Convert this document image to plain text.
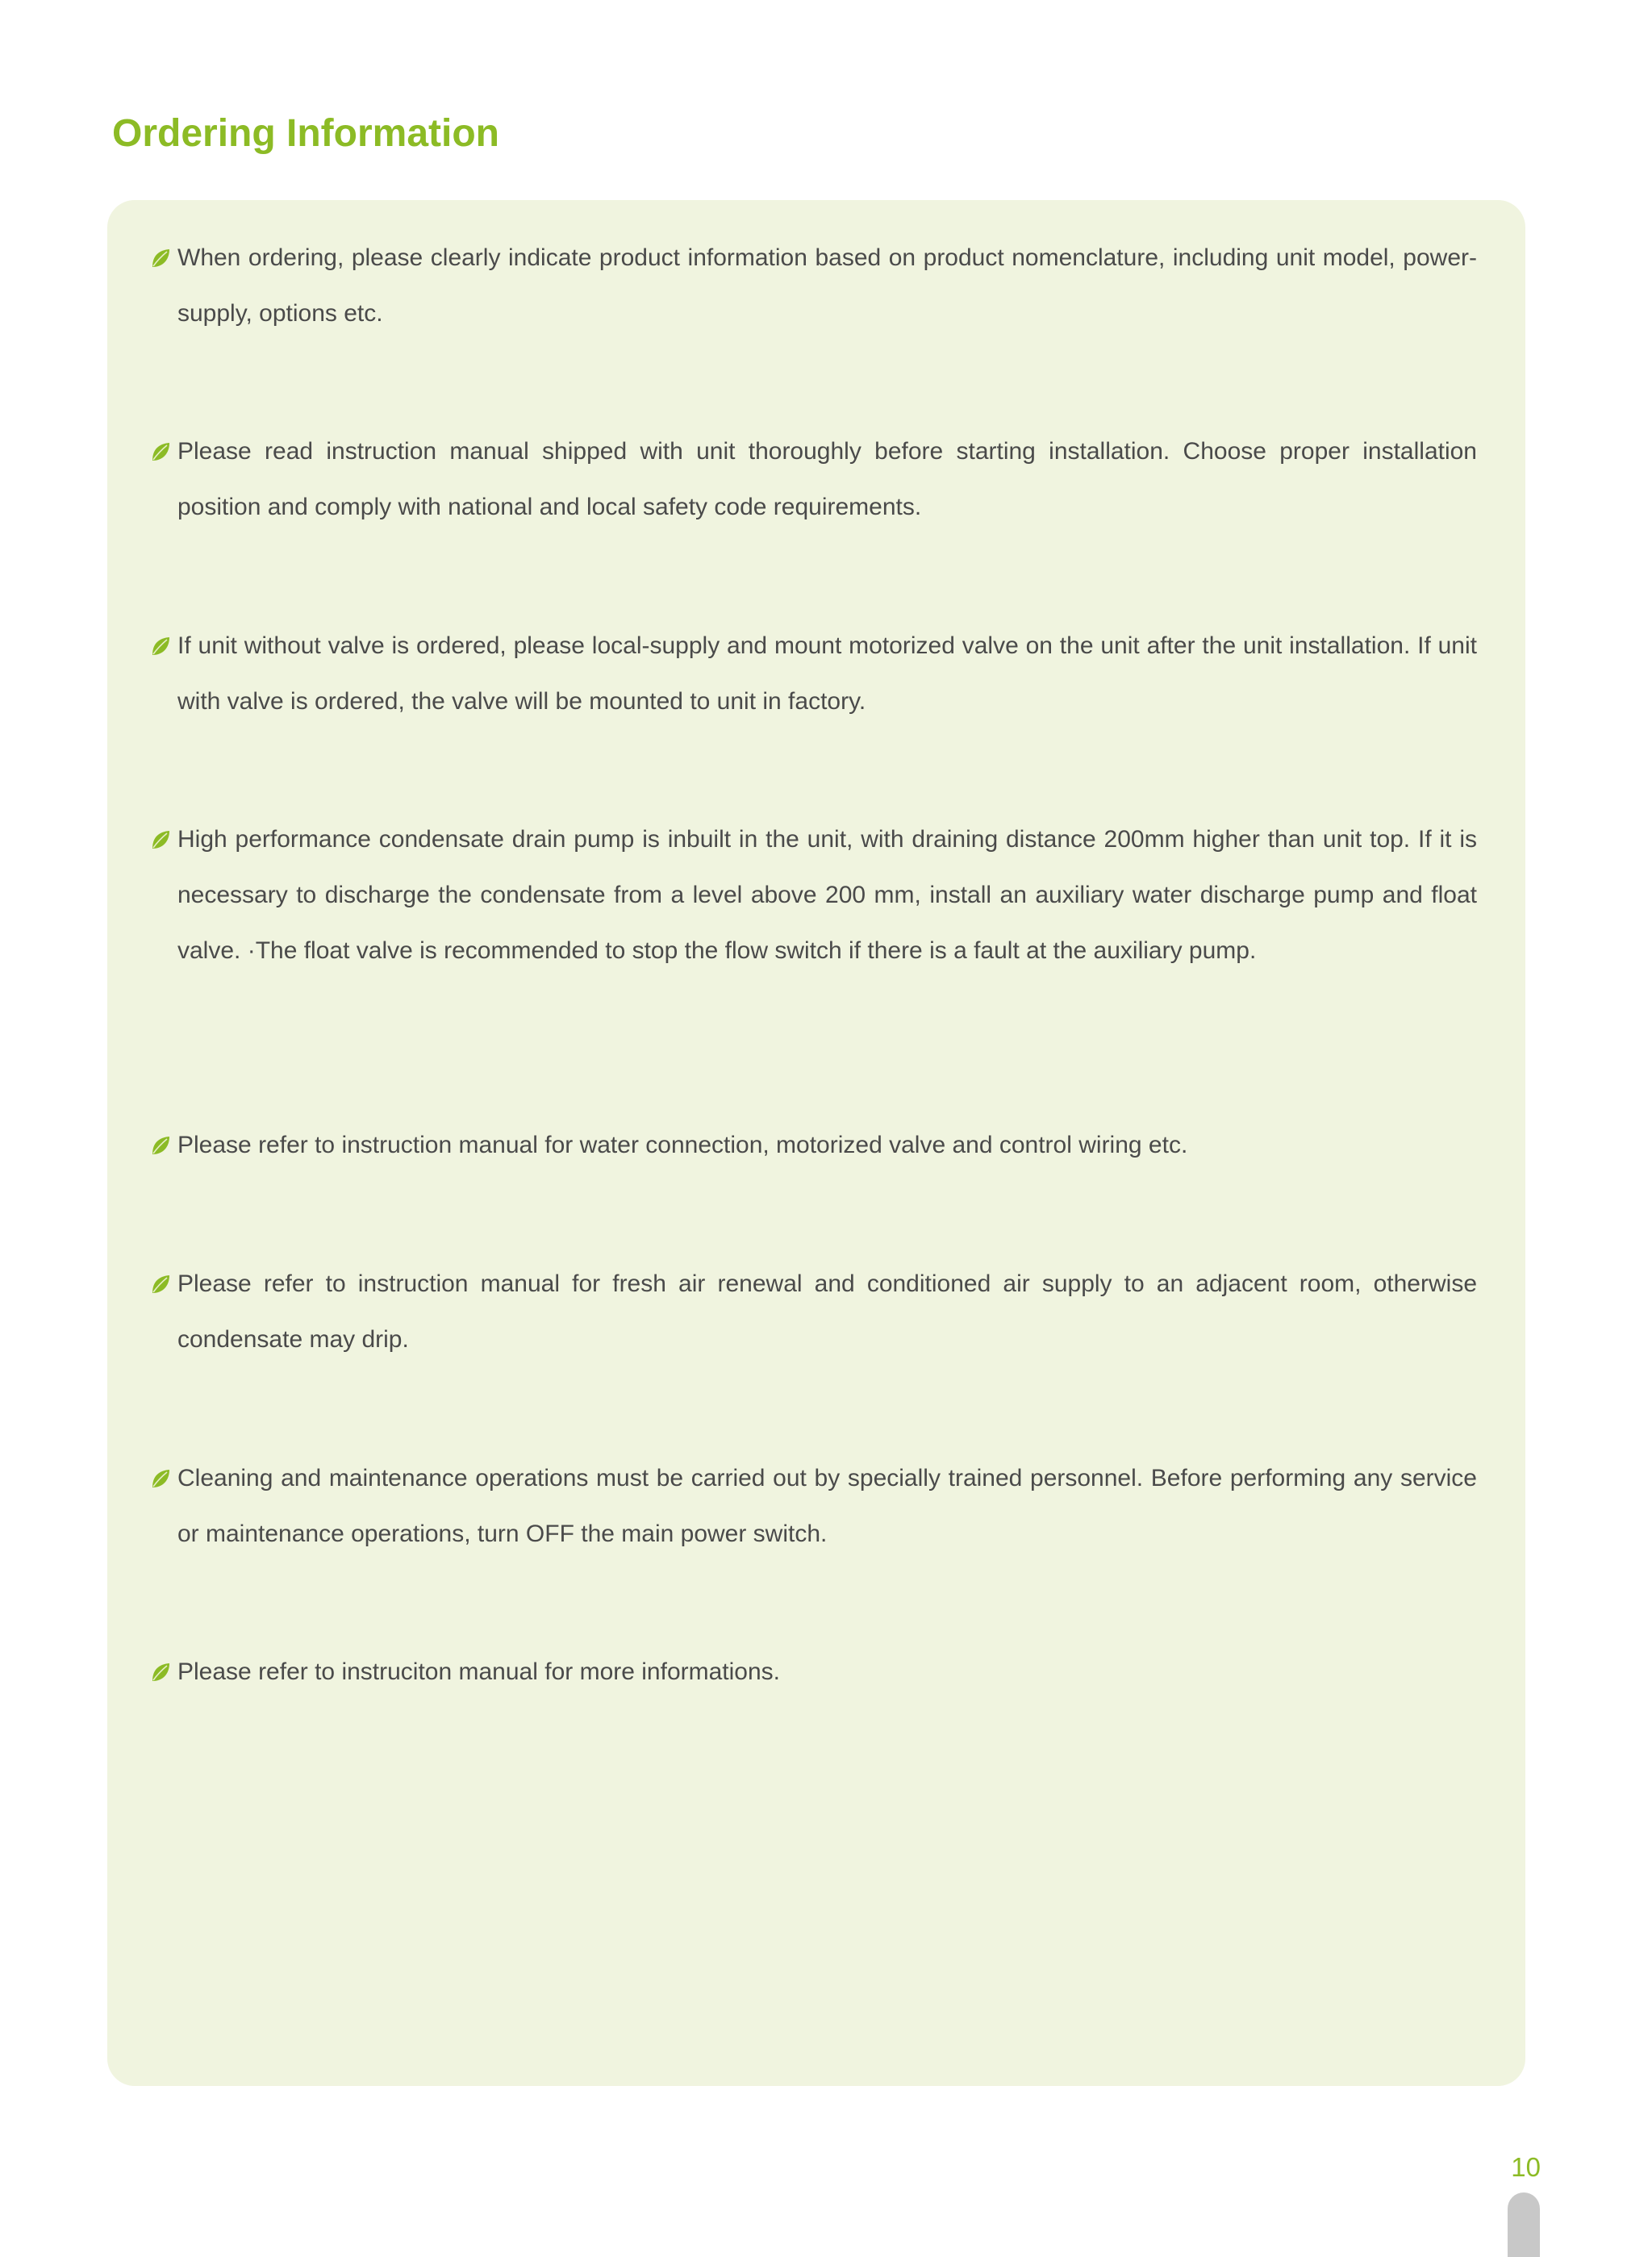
Ordering Information
When ordering, please clearly indicate product information based on product nomenclature, including unit model, power-supply, options etc.
Please read instruction manual shipped with unit thoroughly before starting installation. Choose proper installation position and comply with national and local safety code requirements.
If unit without valve is ordered, please local-supply and mount motorized valve on the unit after the unit installation. If unit with valve is ordered, the valve will be mounted to unit in factory.
High performance condensate drain pump is inbuilt in the unit, with draining distance 200mm higher than unit top. If it is necessary to discharge the condensate from a level above 200 mm, install an auxiliary water discharge pump and float valve. ·The float valve is recommended to stop the flow switch if there is a fault at the auxiliary pump.
Please refer to instruction manual for water connection, motorized valve and control wiring etc.
Please refer to instruction manual for fresh air renewal and conditioned air supply to an adjacent room, otherwise condensate may drip.
Cleaning and maintenance operations must be carried out by specially trained personnel. Before performing any service or maintenance operations, turn OFF the main power switch.
Please refer to instruciton manual for more informations.
10
